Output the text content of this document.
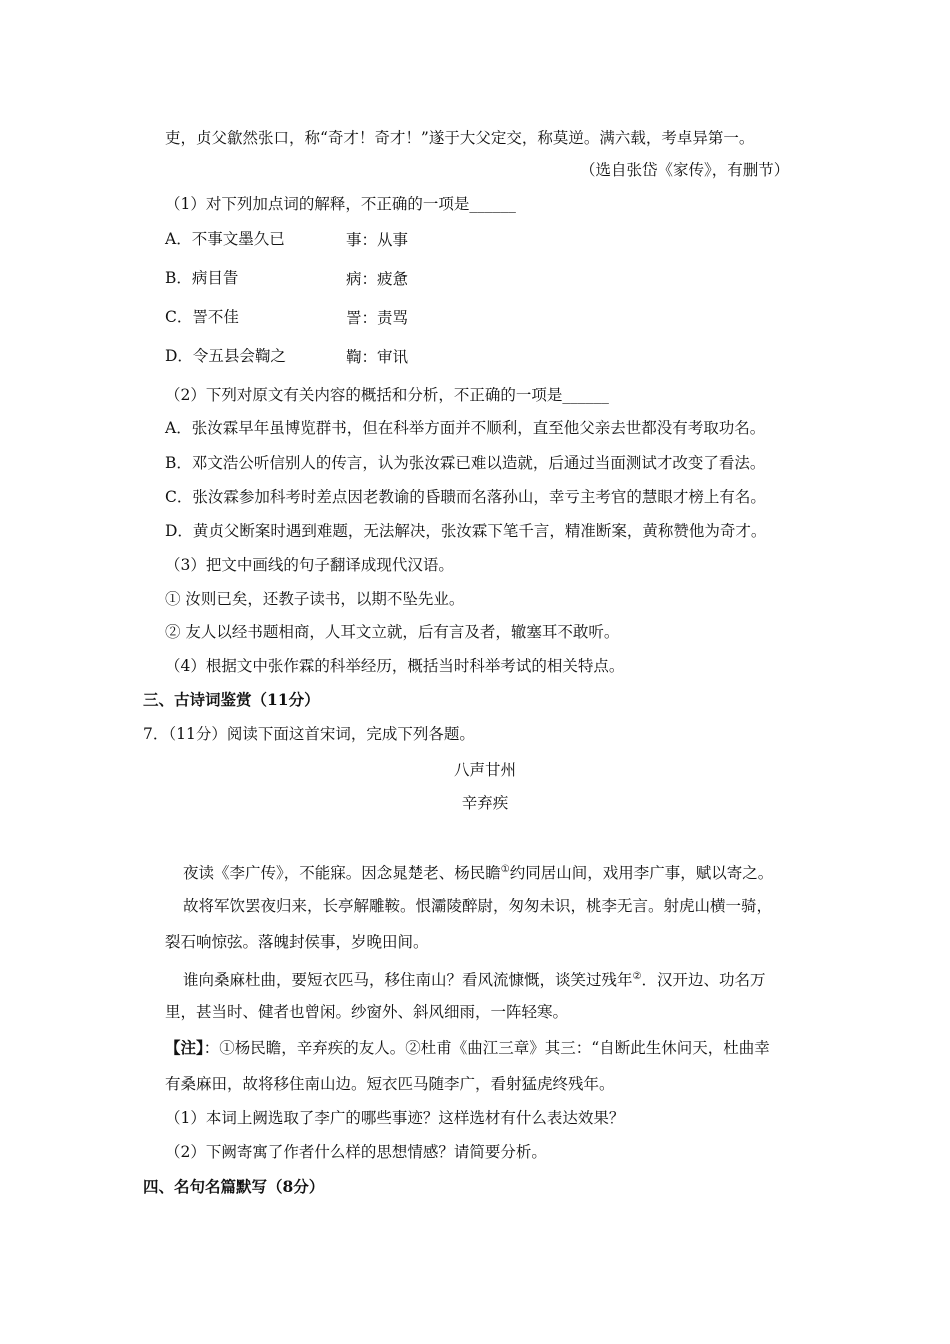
吏，贞父歙然张口，称“奇才！奇才！”遂于大父定交，称莫逆。满六载，考卓异第一。
（选自张岱《家传》，有删节）
（1）对下列加点词的解释，不正确的一项是______
A．不事文墨久已	事：从事
B．病目眚	病：疲惫
C．詈不佳	詈：责骂
D．令五县会鞫之	鞫：审讯
（2）下列对原文有关内容的概括和分析，不正确的一项是______
A．张汝霖早年虽博览群书，但在科举方面并不顺利，直至他父亲去世都没有考取功名。
B．邓文浩公听信别人的传言，认为张汝霖已难以造就，后通过当面测试才改变了看法。
C．张汝霖参加科考时差点因老教谕的昏聩而名落孙山，幸亏主考官的慧眼才榜上有名。
D．黄贞父断案时遇到难题，无法解决，张汝霖下笔千言，精准断案，黄称赞他为奇才。
（3）把文中画线的句子翻译成现代汉语。
① 汝则已矣，还教子读书，以期不坠先业。
② 友人以经书题相商，人耳文立就，后有言及者，辙塞耳不敢听。
（4）根据文中张作霖的科举经历，概括当时科举考试的相关特点。
三、古诗词鉴赏（11分）
7．（11分）阅读下面这首宋词，完成下列各题。
八声甘州
辛弃疾
夜读《李广传》，不能寐。因念晁楚老、杨民瞻①约同居山间，戏用李广事，赋以寄之。
故将军饮罢夜归来，长亭解雕鞍。恨灞陵醉尉，匆匆未识，桃李无言。射虎山横一骑，
裂石响惊弦。落魄封侯事，岁晚田间。
谁向桑麻杜曲，要短衣匹马，移住南山？看风流慷慨，谈笑过残年②．汉开边、功名万
里，甚当时、健者也曾闲。纱窗外、斜风细雨，一阵轻寒。
【注】：①杨民瞻，辛弃疾的友人。②杜甫《曲江三章》其三：“自断此生休问天，杜曲幸
有桑麻田，故将移住南山边。短衣匹马随李广，看射猛虎终残年。
（1）本词上阙选取了李广的哪些事迹？这样选材有什么表达效果？
（2）下阙寄寓了作者什么样的思想情感？请简要分析。
四、名句名篇默写（8分）
